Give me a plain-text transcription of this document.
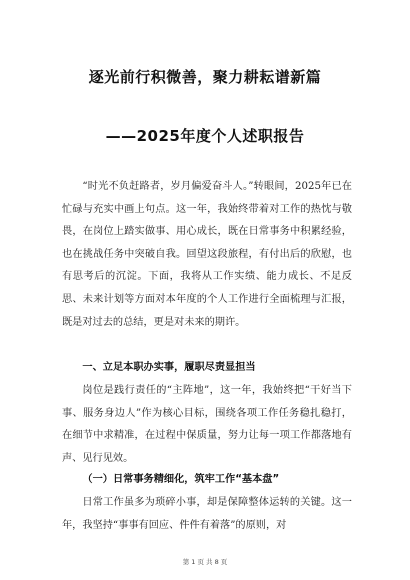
逐光前行积微善，聚力耕耘谱新篇
——2025年度个人述职报告
“时光不负赶路者，岁月偏爱奋斗人。”转眼间，2025年已在忙碌与充实中画上句点。这一年，我始终带着对工作的热忱与敬畏，在岗位上踏实做事、用心成长，既在日常事务中积累经验，也在挑战任务中突破自我。回望这段旅程，有付出后的欣慰，也有思考后的沉淀。下面，我将从工作实绩、能力成长、不足反思、未来计划等方面对本年度的个人工作进行全面梳理与汇报，既是对过去的总结，更是对未来的期许。
一、立足本职办实事，履职尽责显担当
岗位是践行责任的“主阵地”，这一年，我始终把“干好当下事、服务身边人”作为核心目标，围绕各项工作任务稳扎稳打，在细节中求精准，在过程中保质量，努力让每一项工作都落地有声、见行见效。
（一）日常事务精细化，筑牢工作“基本盘”
日常工作虽多为琐碎小事，却是保障整体运转的关键。这一年，我坚持“事事有回应、件件有着落”的原则，对
第 1 页 共 8 页
